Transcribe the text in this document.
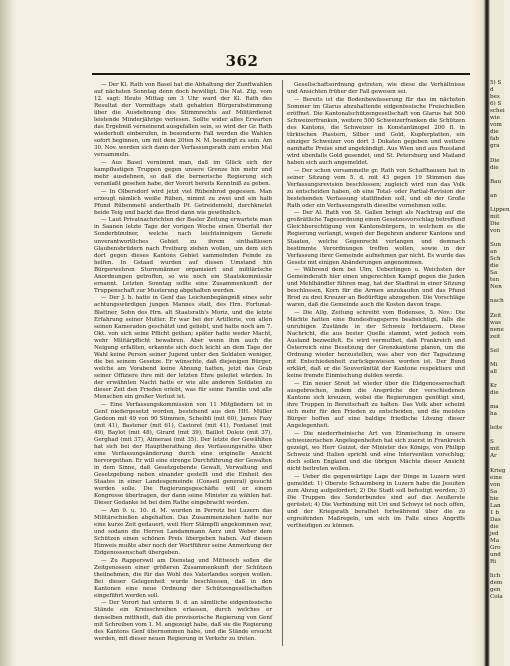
362

— Der Kl. Rath von Basel hat die Abhaltung der Zunftwahlen auf nächsten Sonntag denn doch bewilligt. Die Nat. Ztg. vom 12. sagt: Heute Mittag um 3 Uhr ward der Kl. Rath des Resultat der Vormittags statt gehabten Bürgerabstimmung über die Ausdehnung des Stimmrechts auf Militärdienst leistende Minderjährige verlesen. Sollte wider alles Erwarten das Ergebniß verneinend ausgefallen sein, so wird der Gr. Rath wiederholt einberufen, in besonderm Fall werden die Wahlen sofort beginnen, um mit dem 20ten N. M. beendigt zu sein. Am 30. Nov. werden sich dann der Verfassungsrath zum ersten Mal versammeln.

— Aus Basel vernimmt man, daß im Glück sich der kampflustigen Truppen gegen unsere Grenze hin mehr und mehr ausdehnen, so daß die bernerische Regierung sich veranlaßt gesehen habe, der Vorort bereits Kenntniß zu geben.

— In Olbersdorf wird jetzt viel Rübenbrod gegessen. Man erzeugt nämlich weiße Rüben, nimmt zu zwei und ein halb Pfund Rübenmehl anderthalb Pf. Getreidemehl, durchknetet beide Teig und backt das Brod dann wie gewöhnlich.

— Laut Privatnachrichten der Basler Zeitung erwartete man in Saanen letzte Tage der vorigen Woche einen Überfall der Sonderbündner, welche nach leichtsinnigem Gerede unverantwortliches Gebiet zu ihrem sinthaltlosen Glaubensbrüdern nach Freiburg ziehen wollen, um dem sich dort gegen dieses Kantons Gebiet sammelnden Feinde zu helfen. In Gstaad wurden auf diesen Umstand hin Bürgerwehren Sturmmänner organisiert und militärische Anordnungen getroffen, so wie noch ein Staatskommissär ernannt. Letzten Sonntag sollte eine Zusammenkunft der Truppenschaft zur Musterung abgehalten werden.

— Der J. b. hatte in Genf das Leichenbegängniß eines sehr achtungswürdigen jungen Mannes statt, des Hrn. Fortunat-Blattner, Sohn des Hrn. alt Staatsrath's Moriz, und die letzte Erfahrung seiner Mutter. Er war bei der Artillerie, von allen seinen Kameraden geschätzt und geliebt, und hatte noch am 7. Okt. von sich seine Pflicht gethan; später hatte weder Macht, wehr Militärpflicht bewahren. Aber wenn ihm auch die Neigung erfaßten, erkannte sich doch leicht an dem Tage der Wahl keine Person seiner Jugend unter den Soldaten weniger, die bei seinem Gesetze. Er wünschte, daß diejenigen Bürger, welche am Vorabend keine Ahnung hatten, jetzt das Grab seiner Offiziere ihre mit der letzten Ehre geleitet würden. In der erwähnten Nacht hatte er wie alle anderen Soldaten zu dieser Zeit den Frieden erlebt, was für seine Familie und alle Menschen ein großer Verlust ist.

— Eine Verfassungskommission von 11 Mitgliedern ist in Genf niedergesetzt worden, bestehend aus den HH. Müller Gedeon mit 49 von 90 Stimmen, Scheibli (mit 60), James Fazy (mit 41), Bastener (mit 61), Castoret (mit 41), Fontanel (mit 49), Baylot (mit 48), Girard (mit 39), Baillot Doleiz (mit 37), Gerghad (mit 37), Almerasi (mit 35). Der letzte der Gewählten hat sich bei der Hauptberathung des Verfassungsraths über eine Verfassungsänderung durch eine originelle Ansicht hervorgethan. Er will eine strenge Durchführung der Gewalten in dem Sinne, daß Gesetzgebende Gewalt, Verwaltung und Gesetzgebung neben einander gestellt und die Einheit des Staates in einer Landesgemeinde (Conseil general) gesucht werden solle. Die Regierungsgeschäfte will er einem Kongresse übertragen, der dann seine Minister zu wählen hat. Dieser Gedanke ist bei dem Rathe eingebracht worden.

— Am 9. u. 10. d. M. wurden in Perrotz bei Luzern das Militärschießen abgehalten. Das Zusammenziehen hatte nur eine kurze Zeit gedauert, weil Herr Stämpfli angekommen war, und sodann die Herren Landammann Aerz und Weber dem Schützen einen schönen Preis übergeben haben. Auf diesen Hinweis mußte aber noch der Wortführer seine Anmerkung der Eidgenossenschaft übergeben.

— Zu Rapperswil am Dienstag und Mittwoch sollen die Zeitgenossen einer größeren Zusammenkunft der Schützen theilnehmen, die für das Wohl des Vaterlandes sorgen wollen. Bei dieser Gelegenheit wurde beschlossen, daß in den Kantonen eine neue Ordnung der Schützengesellschaften eingeführt werden soll.

— Der Vorort hat unterm 9. d. an sämtliche eidgenössische Stände ein Kreisschreiben erlassen, durch welches er denselben mittheilt, daß die provisorische Regierung von Genf mit Schreiben vom 1. M. angezeigt habe, daß sie die Regierung des Kantons Genf übernommen habe, und die Stände ersucht werden, mit dieser neuen Regierung in Verkehr zu treten.

Gesellschaftsordnung getreten, wie diese die Verhältnisse und Ansichten früher der Fall gewesen sei.

— Bereits ist die Bodenbewässerung für das im nächsten Sommer im Glarus abzuhaltende eidgenössische Freischießen eröffnet. Die Kantonalschützengesellschaft von Glarus hat 500 Schweizerfranken, weitere 500 Schweizerfranken die Schützen des Kantons, die Schweizer in Konstantinopel 200 fl. in türkischen Piastern, Silber und Gold, Kupferplatten, ein einziger Schweizer von dort 3 Dukaten gegeben und weitere namhafte Preise sind angekündigt. Aus Wien und aus Russland wird ebenfalls Gold gesendet, und St. Petersburg und Mailand haben sich auch angemeldet.

— Der schon vorsammelte gr. Rath von Schaffhausen hat in seiner Sitzung vom 5. d. mit 43 gegen 19 Stimmen das Verfassungsrevision beschlossen; zugleich wird nun das Volk zu entscheiden haben, ob eine Total- oder Partial-Revision der bestehenden Verfassung stattfinden soll, und ob der Große Rath oder ein Verfassungsrath dieselbe vornehmen solle.

— Der Al. Rath von St. Gallen bringt als Nachtrag auf die großrätliche Tagesordnung einen Gesetzesvorschlag betreffend Gleichberechtigung von Kantonsbürgern, in welchem es die Regierung verlangt, wegen der Begehren anderer Kantone und Staaten, welche Gegenrecht verlangen und demnach bestimmte Verordnungen treffen wollen, sowie in der Verfassung ihrer Gemeinde aufnehmen gar nicht. Es wurde das Gesetz mit einigen Abänderungen angenommen.

— Während dem bei Ulm, Ueberlingen u. Weichsten der Gemeinderath hier einen ungerechten Kampf gegen die Juden und Mehlhändler führen mag, hat der Stadtrat in einer Sitzung beschlossen, Korn für die Armen anzukaufen und das Pfund Brod zu drei Kreuzer an Bedürftige abzugeben. Die Vorschläge waren, daß die Gemeinde auch die Kosten davon trage.

— Die Allg. Zeitung schreibt vom Bodensee, 5. Nov.: Die Mächte hatten eine Bundesfragsperre beabsichtigt, falls die unruhigen Zustände in der Schweiz fortdauern. Diese Nachricht, die aus bester Quelle stammt, wird jedoch vom Ausland bezweifelt. Es wird vermuthet, daß Frankreich und Österreich eine Besetzung der Grenzkantone planen, um die Ordnung wieder herzustellen, was aber von der Tagsatzung mit Entschiedenheit zurückgewiesen worden ist. Der Bund erklärt, daß er die Souveränität der Kantone respektiere und keine fremde Einmischung dulden werde.

— Ein neuer Streit ist wieder über die Eidgenossenschaft ausgebrochen, indem die Ansprüche der verschiedenen Kantone sich kreuzen, wobei die Regierungen genötigt sind, ihre Truppen in Bereitschaft zu halten. Das Volk aber scheint sich mehr für den Frieden zu entscheiden, und die meisten Bürger hoffen auf eine baldige friedliche Lösung dieser Angelegenheit.

— Die niederrheinische Art von Einmischung in unsere schweizerischen Angelegenheiten hat sich zuerst in Frankreich gezeigt, wo Herr Guizot, der Minister des Königs, von Philipp Schweiz und Italien spricht und eine Intervention vorschlug; doch sollen England und die übrigen Mächte dieser Ansicht nicht beitreten wollen.

— Ueber die gegenwärtige Lage der Dinge in Luzern wird gemeldet: 1) Oberste Schaumberg in Luzern habe die Jesuiten zum Abzug aufgefordert; 2) Die Stadt soll befestigt werden; 3) Die Truppen des Sonderbundes sind auf das Aeußerste gerüstet; 4) Die Verbindung mit Uri und Schwyz ist noch offen, und der Kriegsrath berathet fortwährend über die zu ergreifenden Maßregeln, um sich im Falle eines Angriffs vertheidigen zu können.

5) S
d
bes
6) S
schei
wie
vom
die
fab
gra

Die
die

Bau

an

Lippen
mit
Die
von

Sun
an
Sch
die
Sa
ten
Nen

nach

Zeit
was
nene
zeit

Sel

Mi
all

Kr
die

ma
ha

leite

S
mit
Ar

Krieg
eine
von
Sa
bie
Lan
1 b
Das
die
jed
Ma
Gro
und
Ri

lich
dem
gen
Cola
